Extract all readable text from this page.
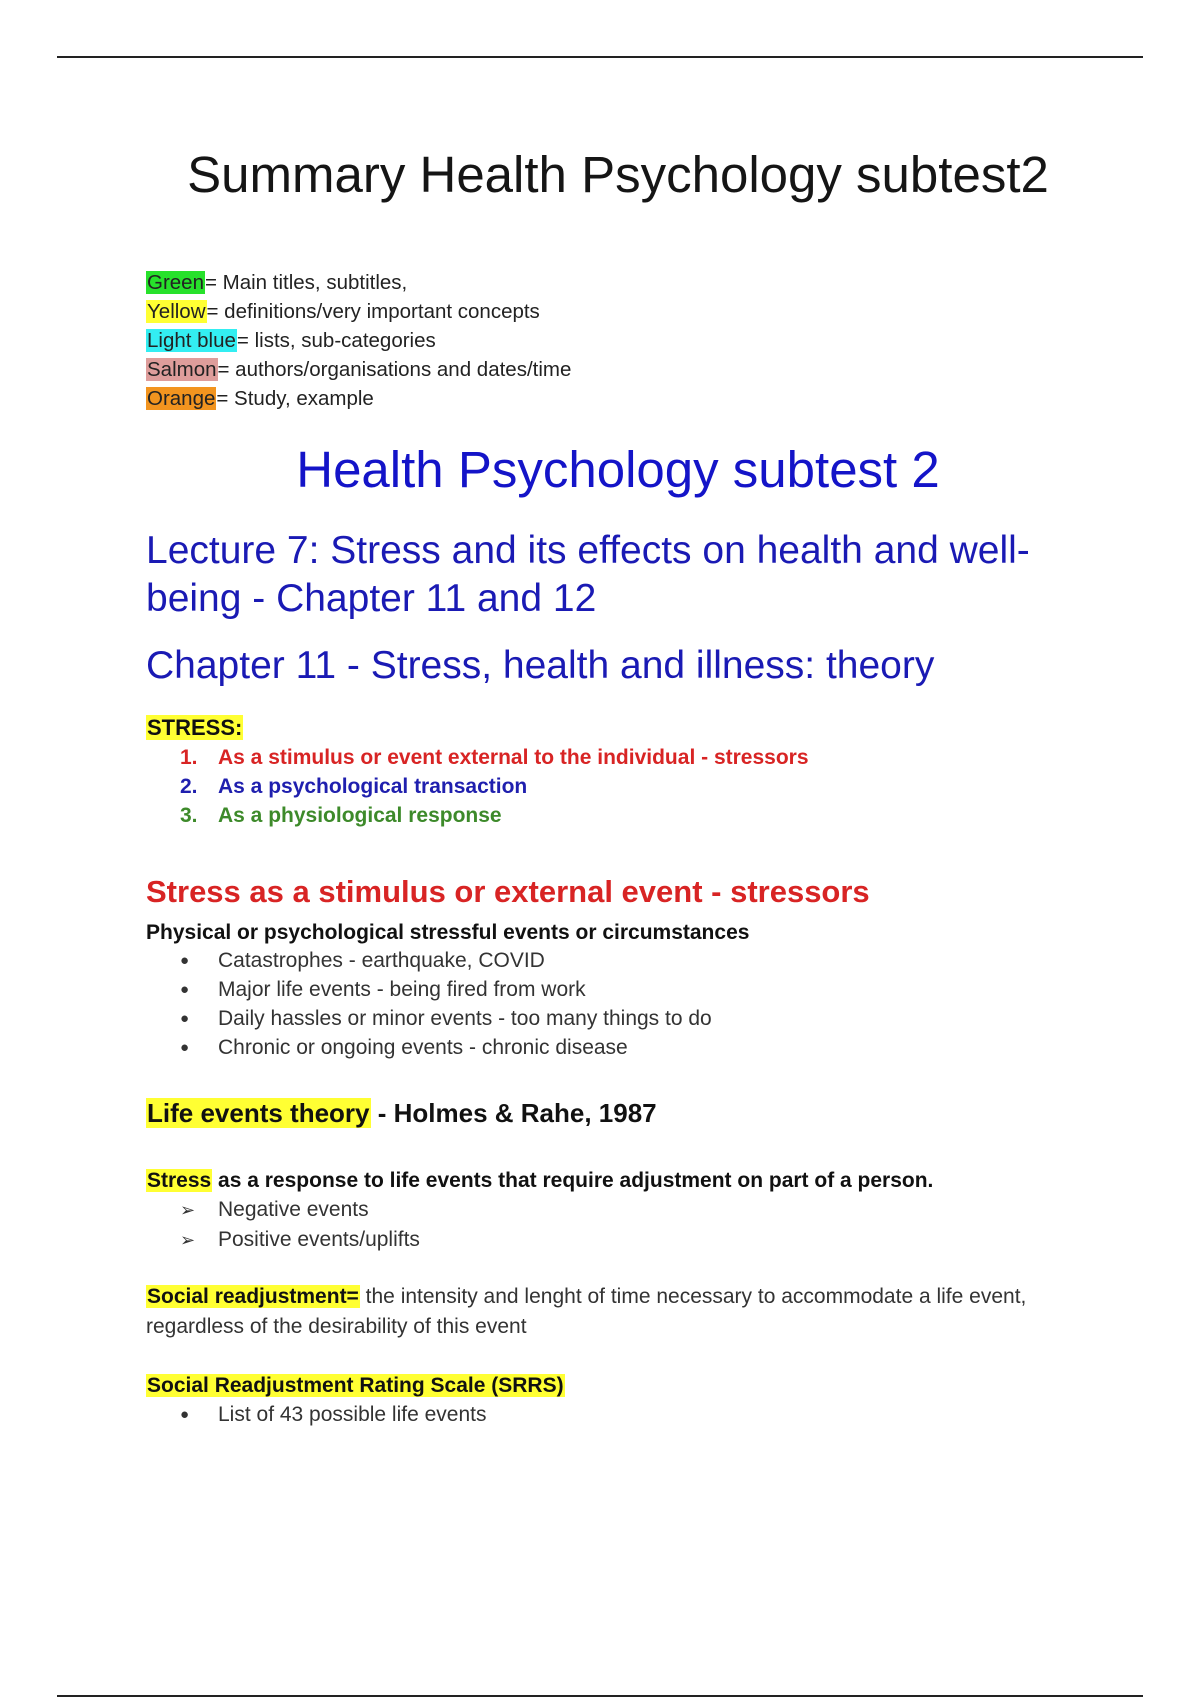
Summary Health Psychology subtest2
Green= Main titles, subtitles,
Yellow= definitions/very important concepts
Light blue= lists, sub-categories
Salmon= authors/organisations and dates/time
Orange= Study, example
Health Psychology subtest 2
Lecture 7: Stress and its effects on health and well-being - Chapter 11 and 12
Chapter 11 - Stress, health and illness: theory
STRESS:
1. As a stimulus or event external to the individual - stressors
2. As a psychological transaction
3. As a physiological response
Stress as a stimulus or external event - stressors
Physical or psychological stressful events or circumstances
● Catastrophes - earthquake, COVID
● Major life events - being fired from work
● Daily hassles or minor events - too many things to do
● Chronic or ongoing events - chronic disease
Life events theory - Holmes & Rahe, 1987
Stress as a response to life events that require adjustment on part of a person.
➢ Negative events
➢ Positive events/uplifts
Social readjustment= the intensity and lenght of time necessary to accommodate a life event, regardless of the desirability of this event
Social Readjustment Rating Scale (SRRS)
● List of 43 possible life events
